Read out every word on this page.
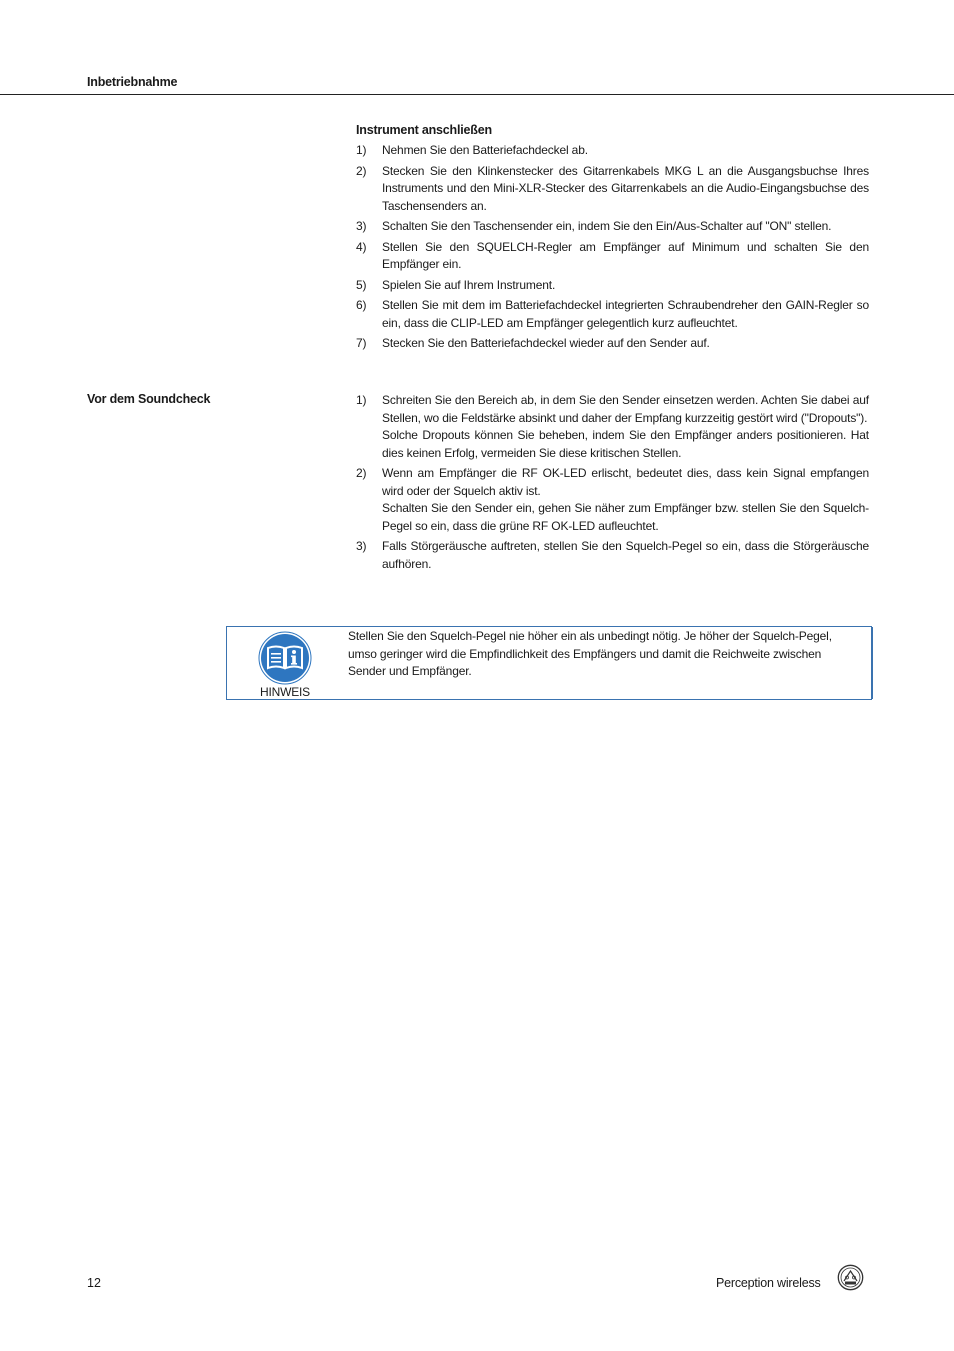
Inbetriebnahme
Instrument anschließen
1) Nehmen Sie den Batteriefachdeckel ab.

2) Stecken Sie den Klinkenstecker des Gitarrenkabels MKG L an die Ausgangsbuchse Ihres Instruments und den Mini-XLR-Stecker des Gitarrenkabels an die Audio-Eingangsbuchse des Taschensenders an.

3) Schalten Sie den Taschensender ein, indem Sie den Ein/Aus-Schalter auf "ON" stellen.

4) Stellen Sie den SQUELCH-Regler am Empfänger auf Minimum und schalten Sie den Empfänger ein.

5) Spielen Sie auf Ihrem Instrument.

6) Stellen Sie mit dem im Batteriefachdeckel integrierten Schraubendreher den GAIN-Regler so ein, dass die CLIP-LED am Empfänger gelegentlich kurz aufleuchtet.

7) Stecken Sie den Batteriefachdeckel wieder auf den Sender auf.

Vor dem Soundcheck	1) Schreiten Sie den Bereich ab, in dem Sie den Sender einsetzen werden. Achten Sie dabei auf Stellen, wo die Feldstärke absinkt und daher der Empfang kurzzeitig gestört wird ("Dropouts").

Solche Dropouts können Sie beheben, indem Sie den Empfänger anders positionieren. Hat dies keinen Erfolg, vermeiden Sie diese kritischen Stellen.

2) Wenn am Empfänger die RF OK-LED erlischt, bedeutet dies, dass kein Signal empfangen wird oder der Squelch aktiv ist.

Schalten Sie den Sender ein, gehen Sie näher zum Empfänger bzw. stellen Sie den Squelch-Pegel so ein, dass die grüne RF OK-LED aufleuchtet.

3) Falls Störgeräusche auftreten, stellen Sie den Squelch-Pegel so ein, dass die Störgeräusche aufhören.

HINWEIS
Stellen Sie den Squelch-Pegel nie höher ein als unbedingt nötig. Je höher der Squelch-Pegel, umso geringer wird die Empfindlichkeit des Empfängers und damit die Reichweite zwischen Sender und Empfänger.
12	Perception wireless
